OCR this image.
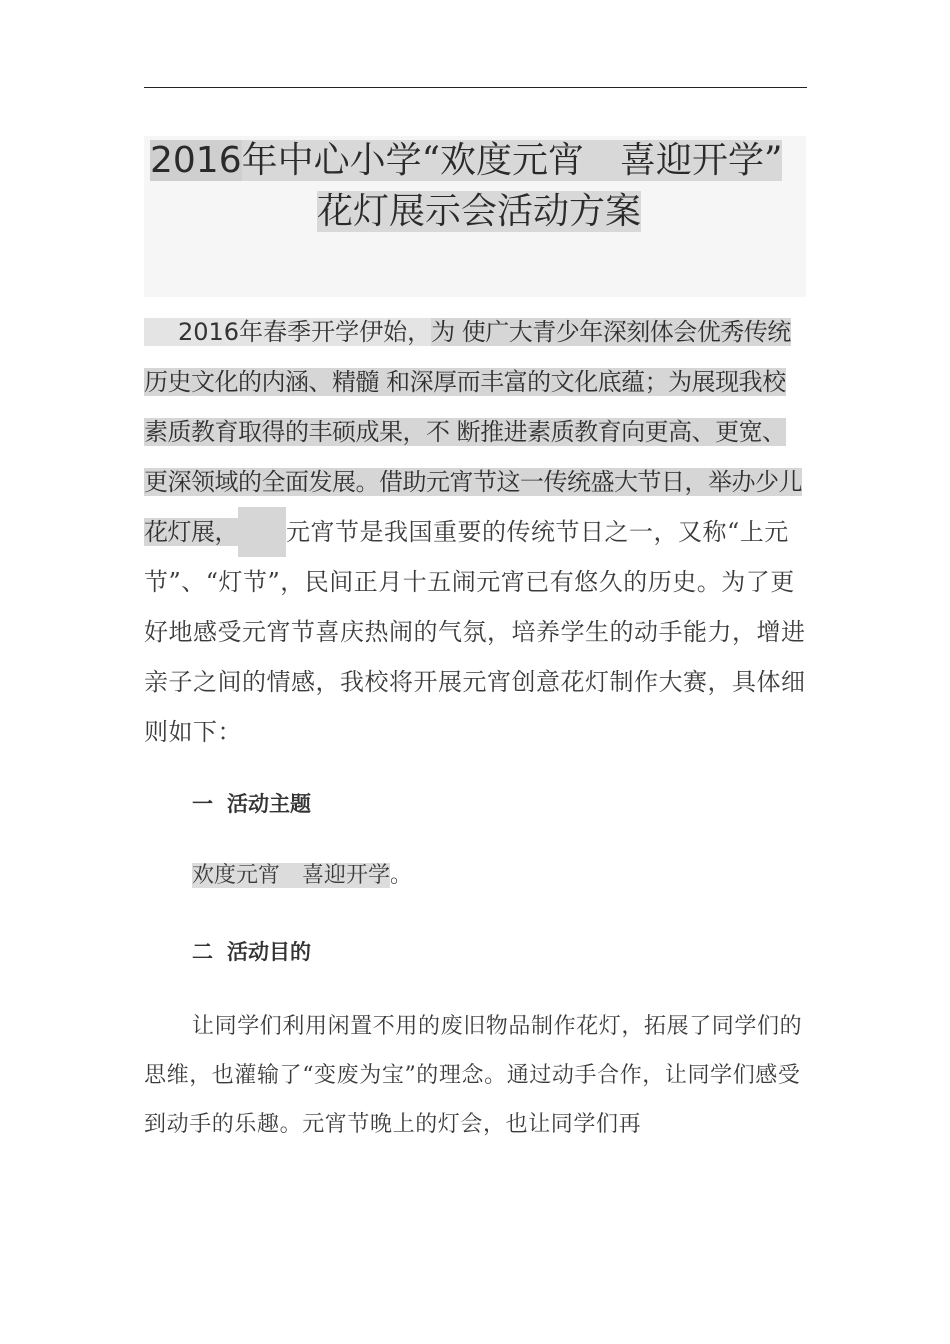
2016年中心小学“欢度元宵　喜迎开学”
花灯展示会活动方案
2016年春季开学伊始，为 使广大青少年深刻体会优秀传统历史文化的内涵、精髓 和深厚而丰富的文化底蕴；为展现我校素质教育取得的丰硕成果，不 断推进素质教育向更高、更宽、更深领域的全面发展。借助元宵节这一传统盛大节日，举办少儿花灯展， 元宵节是我国重要的传统节日之一，又称“上元节”、“灯节”，民间正月十五闹元宵已有悠久的历史。为了更好地感受元宵节喜庆热闹的气氛，培养学生的动手能力，增进亲子之间的情感，我校将开展元宵创意花灯制作大赛，具体细则如下：
一 活动主题
欢度元宵　喜迎开学。
二 活动目的
让同学们利用闲置不用的废旧物品制作花灯，拓展了同学们的思维，也灌输了“变废为宝”的理念。通过动手合作，让同学们感受到动手的乐趣。元宵节晚上的灯会，也让同学们再
